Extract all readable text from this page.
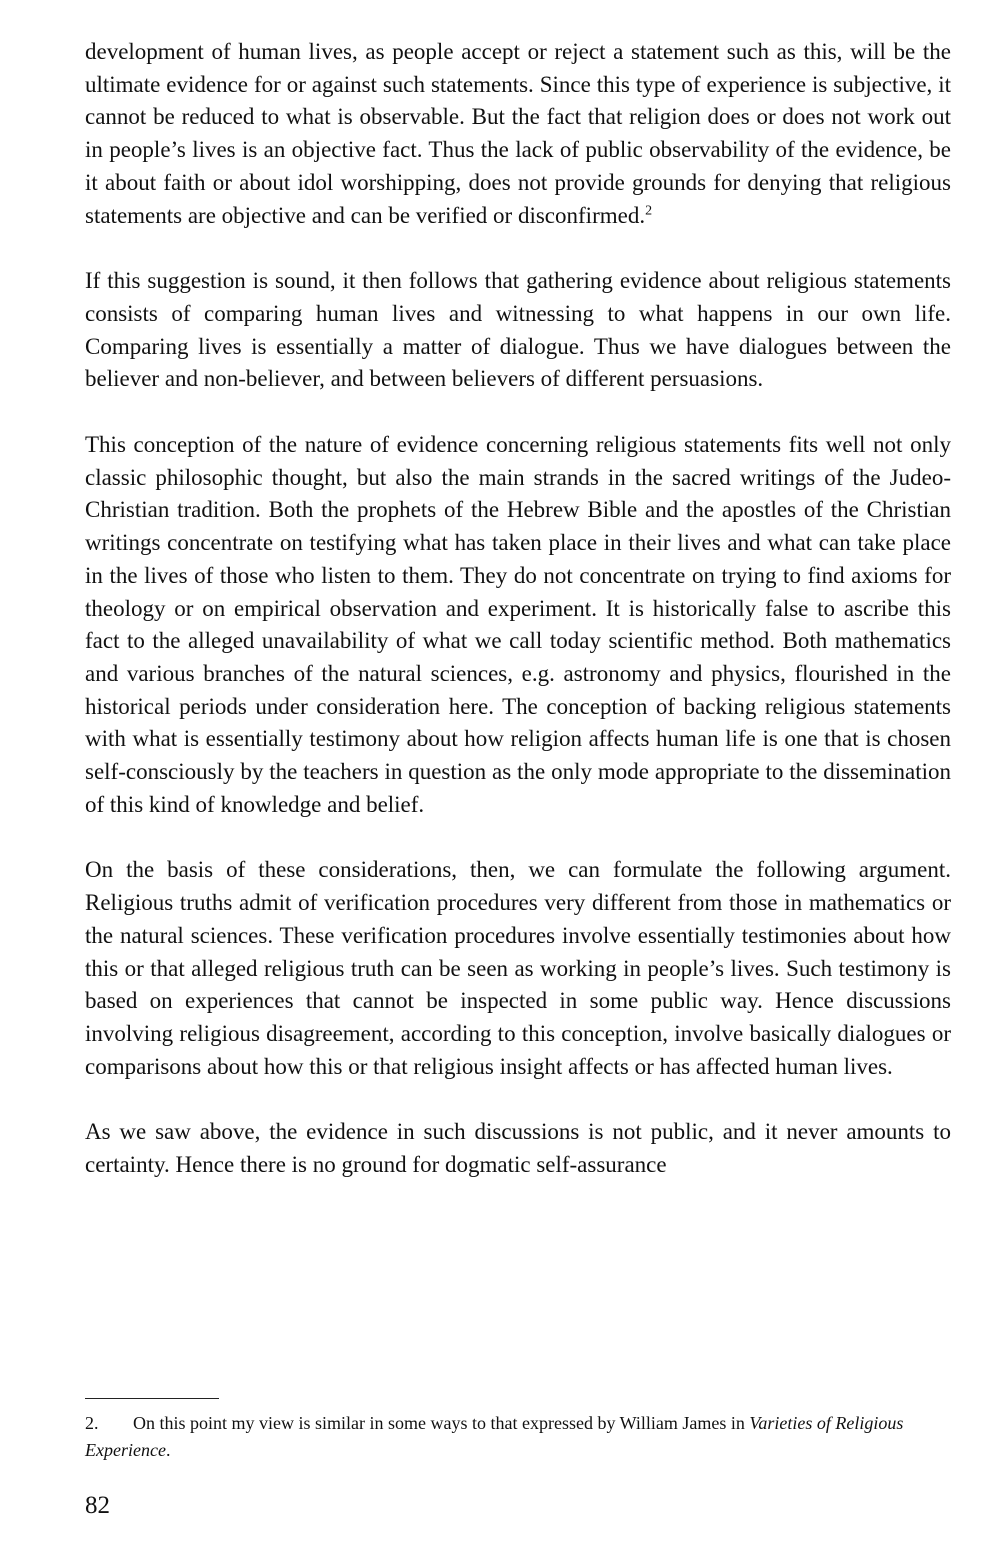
development of human lives, as people accept or reject a statement such as this, will be the ultimate evidence for or against such statements. Since this type of experience is subjective, it cannot be reduced to what is observable. But the fact that religion does or does not work out in people’s lives is an objective fact. Thus the lack of public observability of the evidence, be it about faith or about idol worshipping, does not provide grounds for denying that religious statements are objective and can be verified or disconfirmed.$^2$

If this suggestion is sound, it then follows that gathering evidence about religious statements consists of comparing human lives and witnessing to what happens in our own life. Comparing lives is essentially a matter of dialogue. Thus we have dialogues between the believer and non-believer, and between believers of different persuasions.

This conception of the nature of evidence concerning religious statements fits well not only classic philosophic thought, but also the main strands in the sacred writings of the Judeo-Christian tradition. Both the prophets of the Hebrew Bible and the apostles of the Christian writings concentrate on testifying what has taken place in their lives and what can take place in the lives of those who listen to them. They do not concentrate on trying to find axioms for theology or on empirical observation and experiment. It is historically false to ascribe this fact to the alleged unavailability of what we call today scientific method. Both mathematics and various branches of the natural sciences, e.g. astronomy and physics, flourished in the historical periods under consideration here. The conception of backing religious statements with what is essentially testimony about how religion affects human life is one that is chosen self-consciously by the teachers in question as the only mode appropriate to the dissemination of this kind of knowledge and belief.

On the basis of these considerations, then, we can formulate the following argument. Religious truths admit of verification procedures very different from those in mathematics or the natural sciences. These verification procedures involve essentially testimonies about how this or that alleged religious truth can be seen as working in people’s lives. Such testimony is based on experiences that cannot be inspected in some public way. Hence discussions involving religious disagreement, according to this conception, involve basically dialogues or comparisons about how this or that religious insight affects or has affected human lives.

As we saw above, the evidence in such discussions is not public, and it never amounts to certainty. Hence there is no ground for dogmatic self-assurance

2. On this point my view is similar in some ways to that expressed by William James in Varieties of Religious Experience.
82
